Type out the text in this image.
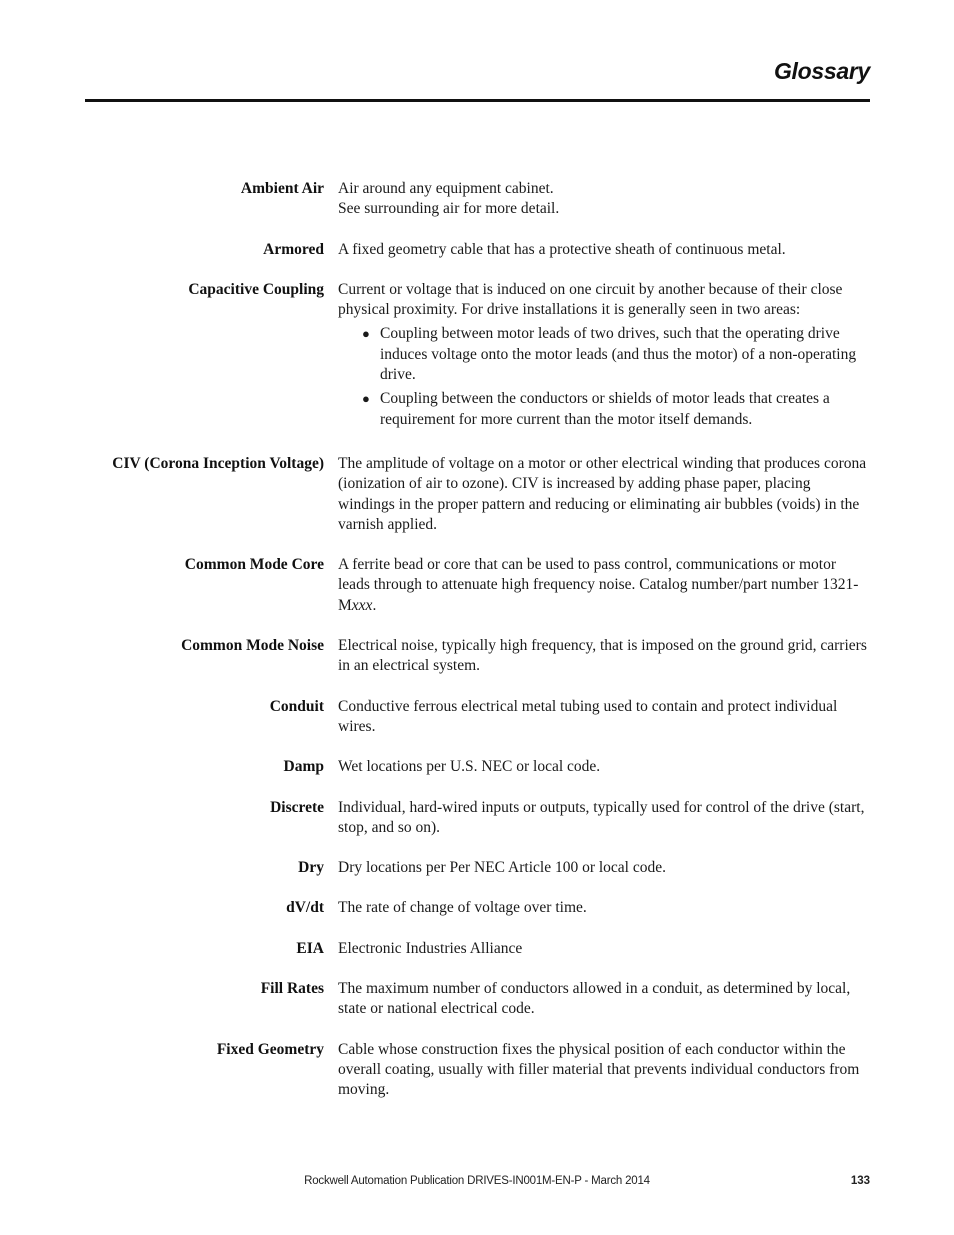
Glossary
Ambient Air Air around any equipment cabinet.

See surrounding air for more detail.

Armored A fixed geometry cable that has a protective sheath of continuous metal.

Capacitive Coupling Current or voltage that is induced on one circuit by another because of their close physical proximity. For drive installations it is generally seen in two areas:

● Coupling between motor leads of two drives, such that the operating drive induces voltage onto the motor leads (and thus the motor) of a non-operating drive.
● Coupling between the conductors or shields of motor leads that creates a requirement for more current than the motor itself demands.
CIV (Corona Inception Voltage) The amplitude of voltage on a motor or other electrical winding that produces corona (ionization of air to ozone). CIV is increased by adding phase paper, placing windings in the proper pattern and reducing or eliminating air bubbles (voids) in the varnish applied.

Common Mode Core A ferrite bead or core that can be used to pass control, communications or motor leads through to attenuate high frequency noise. Catalog number/part number 1321-Mxxx.

Common Mode Noise Electrical noise, typically high frequency, that is imposed on the ground grid, carriers in an electrical system.

Conduit Conductive ferrous electrical metal tubing used to contain and protect individual wires.

Damp Wet locations per U.S. NEC or local code.

Discrete Individual, hard-wired inputs or outputs, typically used for control of the drive (start, stop, and so on).

Dry Dry locations per Per NEC Article 100 or local code.

dV/dt The rate of change of voltage over time.

EIA Electronic Industries Alliance

Fill Rates The maximum number of conductors allowed in a conduit, as determined by local, state or national electrical code.

Fixed Geometry Cable whose construction fixes the physical position of each conductor within the overall coating, usually with filler material that prevents individual conductors from moving.

Rockwell Automation Publication DRIVES-IN001M-EN-P - March 2014	133
